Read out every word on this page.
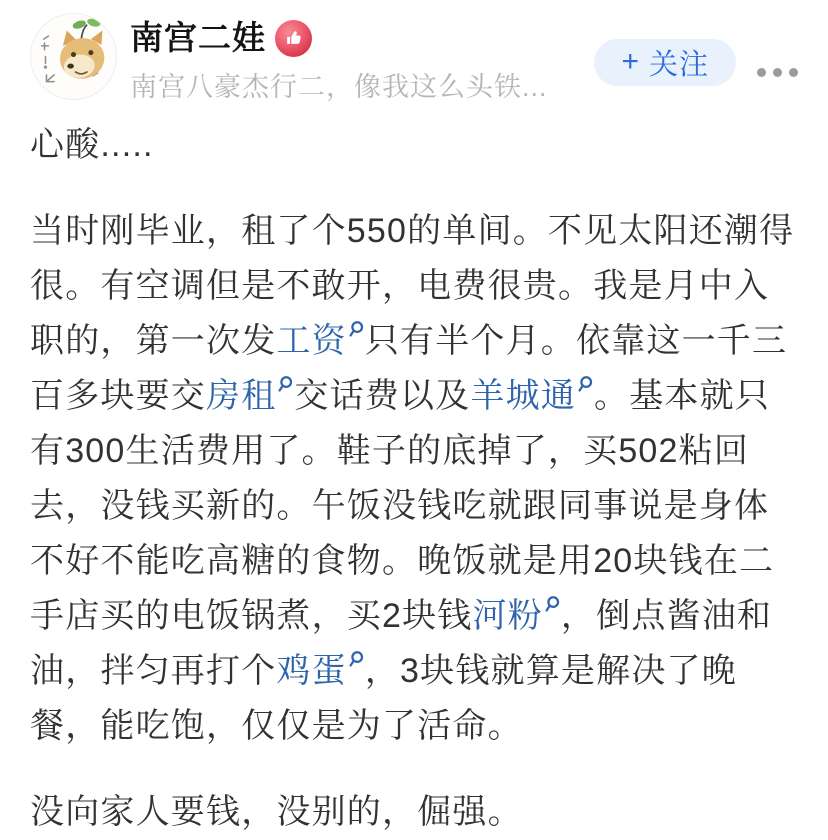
南宫二娃
南宫八豪杰行二，像我这么头铁...
+ 关注

心酸.....

当时刚毕业，租了个550的单间。不见太阳还潮得很。有空调但是不敢开，电费很贵。我是月中入职的，第一次发工资 只有半个月。依靠这一千三百多块要交房租 交话费以及羊城通 。基本就只有300生活费用了。鞋子的底掉了，买502粘回去，没钱买新的。午饭没钱吃就跟同事说是身体不好不能吃高糖的食物。晚饭就是用20块钱在二手店买的电饭锅煮，买2块钱河粉 ，倒点酱油和油，拌匀再打个鸡蛋 ，3块钱就算是解决了晚餐，能吃饱，仅仅是为了活命。

没向家人要钱，没别的，倔强。
